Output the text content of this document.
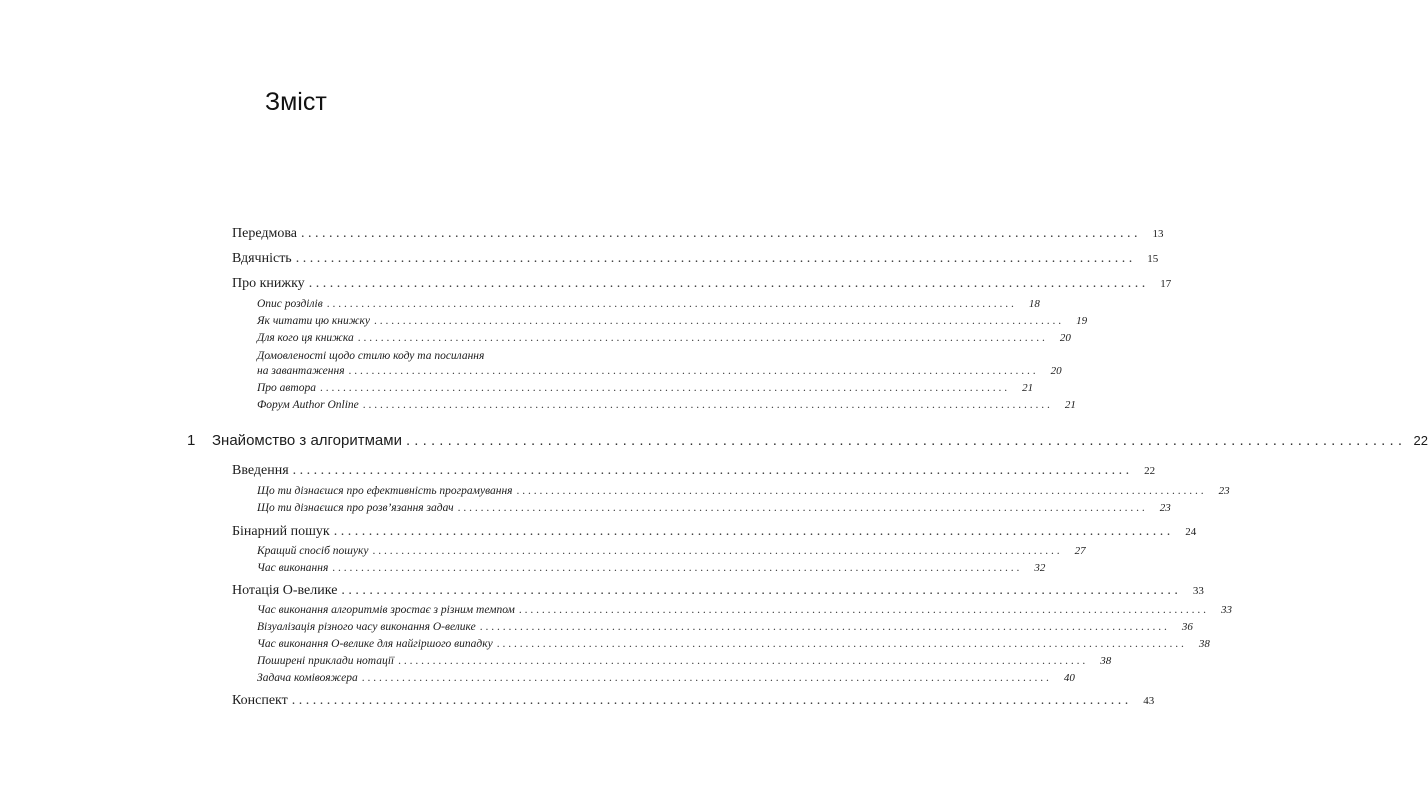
Зміст
Передмова . . . . . . . . . . . . . . . . . . . . . . . . . . . . . . . . . . . . . . . . . . . . . . . . . . . . . . . . . . . . . . . . . . . . . . . . . . . . . . . . . . . . . . . . . . . . . . . . . . . . . . . . . . . . . . . . . . . . . . . .	13
Вдячність . . . . . . . . . . . . . . . . . . . . . . . . . . . . . . . . . . . . . . . . . . . . . . . . . . . . . . . . . . . . . . . . . . . . . . . . . . . . . . . . . . . . . . . . . . . . . . . . . . . . . . . . . . . . . . . . . . . . . . . .	15
Про книжку . . . . . . . . . . . . . . . . . . . . . . . . . . . . . . . . . . . . . . . . . . . . . . . . . . . . . . . . . . . . . . . . . . . . . . . . . . . . . . . . . . . . . . . . . . . . . . . . . . . . . . . . . . . . . . . . . . . . . . . .	17
Опис розділів . . . . . . . . . . . . . . . . . . . . . . . . . . . . . . . . . . . . . . . . . . . . . . . . . . . . . . . . . . . . . . . . . . . . . . . . . . . . . . . . . . . . . . . . . . . . . . . . . . . . . . . . . . . . . . . . . . . . . . . .	18
Як читати цю книжку . . . . . . . . . . . . . . . . . . . . . . . . . . . . . . . . . . . . . . . . . . . . . . . . . . . . . . . . . . . . . . . . . . . . . . . . . . . . . . . . . . . . . . . . . . . . . . . . . . . . . . . . . . . . . . . . . . . . . . . .	19
Для кого ця книжка . . . . . . . . . . . . . . . . . . . . . . . . . . . . . . . . . . . . . . . . . . . . . . . . . . . . . . . . . . . . . . . . . . . . . . . . . . . . . . . . . . . . . . . . . . . . . . . . . . . . . . . . . . . . . . . . . . . . . . . .	20
Домовленості щодо стилю коду та посилання
на завантаження . . . . . . . . . . . . . . . . . . . . . . . . . . . . . . . . . . . . . . . . . . . . . . . . . . . . . . . . . . . . . . . . . . . . . . . . . . . . . . . . . . . . . . . . . . . . . . . . . . . . . . . . . . . . . . . . . . . . . . . .	20
Про автора . . . . . . . . . . . . . . . . . . . . . . . . . . . . . . . . . . . . . . . . . . . . . . . . . . . . . . . . . . . . . . . . . . . . . . . . . . . . . . . . . . . . . . . . . . . . . . . . . . . . . . . . . . . . . . . . . . . . . . . .	21
Форум Author Online . . . . . . . . . . . . . . . . . . . . . . . . . . . . . . . . . . . . . . . . . . . . . . . . . . . . . . . . . . . . . . . . . . . . . . . . . . . . . . . . . . . . . . . . . . . . . . . . . . . . . . . . . . . . . . . . . . . . . . . .	21
1 Знайомство з алгоритмами . . . . . . . . . . . . . . . . . . . . . . . . . . . . . . . . . . . . . . . . . . . . . . . . . . . . . . . . . . . . . . . . . . . . . . . . . . . . . . . . . . . . . . . . . . . . . . . . . . . . . . . . . . . . . . . . . . . . . . . . 22
Введення . . . . . . . . . . . . . . . . . . . . . . . . . . . . . . . . . . . . . . . . . . . . . . . . . . . . . . . . . . . . . . . . . . . . . . . . . . . . . . . . . . . . . . . . . . . . . . . . . . . . . . . . . . . . . . . . . . . . . . . .	22
Що ти дізнаєшся про ефективність програмування . . . . . . . . . . . . . . . . . . . . . . . . . . . . . . . . . . . . . . . . . . . . . . . . . . . . . . . . . . . . . . . . . . . . . . . . . . . . . . . . . . . . . . . . . . . . . . . . . . . . . . . . . . . . . . . . . . . . . . . .	23
Що ти дізнаєшся про розв’язання задач . . . . . . . . . . . . . . . . . . . . . . . . . . . . . . . . . . . . . . . . . . . . . . . . . . . . . . . . . . . . . . . . . . . . . . . . . . . . . . . . . . . . . . . . . . . . . . . . . . . . . . . . . . . . . . . . . . . . . . . .	23
Бінарний пошук . . . . . . . . . . . . . . . . . . . . . . . . . . . . . . . . . . . . . . . . . . . . . . . . . . . . . . . . . . . . . . . . . . . . . . . . . . . . . . . . . . . . . . . . . . . . . . . . . . . . . . . . . . . . . . . . . . . . . . . .	24
Кращий спосіб пошуку . . . . . . . . . . . . . . . . . . . . . . . . . . . . . . . . . . . . . . . . . . . . . . . . . . . . . . . . . . . . . . . . . . . . . . . . . . . . . . . . . . . . . . . . . . . . . . . . . . . . . . . . . . . . . . . . . . . . . . . .	27
Час виконання . . . . . . . . . . . . . . . . . . . . . . . . . . . . . . . . . . . . . . . . . . . . . . . . . . . . . . . . . . . . . . . . . . . . . . . . . . . . . . . . . . . . . . . . . . . . . . . . . . . . . . . . . . . . . . . . . . . . . . . .	32
Нотація О-велике . . . . . . . . . . . . . . . . . . . . . . . . . . . . . . . . . . . . . . . . . . . . . . . . . . . . . . . . . . . . . . . . . . . . . . . . . . . . . . . . . . . . . . . . . . . . . . . . . . . . . . . . . . . . . . . . . . . . . . . .	33
Час виконання алгоритмів зростає з різним темпом . . . . . . . . . . . . . . . . . . . . . . . . . . . . . . . . . . . . . . . . . . . . . . . . . . . . . . . . . . . . . . . . . . . . . . . . . . . . . . . . . . . . . . . . . . . . . . . . . . . . . . . . . . . . . . . . . . . . . . . .	33
Візуалізація різного часу виконання О-велике . . . . . . . . . . . . . . . . . . . . . . . . . . . . . . . . . . . . . . . . . . . . . . . . . . . . . . . . . . . . . . . . . . . . . . . . . . . . . . . . . . . . . . . . . . . . . . . . . . . . . . . . . . . . . . . . . . . . . . . .	36
Час виконання О-велике для найгіршого випадку . . . . . . . . . . . . . . . . . . . . . . . . . . . . . . . . . . . . . . . . . . . . . . . . . . . . . . . . . . . . . . . . . . . . . . . . . . . . . . . . . . . . . . . . . . . . . . . . . . . . . . . . . . . . . . . . . . . . . . . .	38
Поширені приклади нотації . . . . . . . . . . . . . . . . . . . . . . . . . . . . . . . . . . . . . . . . . . . . . . . . . . . . . . . . . . . . . . . . . . . . . . . . . . . . . . . . . . . . . . . . . . . . . . . . . . . . . . . . . . . . . . . . . . . . . . . .	38
Задача комівояжера . . . . . . . . . . . . . . . . . . . . . . . . . . . . . . . . . . . . . . . . . . . . . . . . . . . . . . . . . . . . . . . . . . . . . . . . . . . . . . . . . . . . . . . . . . . . . . . . . . . . . . . . . . . . . . . . . . . . . . . .	40
Конспект . . . . . . . . . . . . . . . . . . . . . . . . . . . . . . . . . . . . . . . . . . . . . . . . . . . . . . . . . . . . . . . . . . . . . . . . . . . . . . . . . . . . . . . . . . . . . . . . . . . . . . . . . . . . . . . . . . . . . . . .	43
